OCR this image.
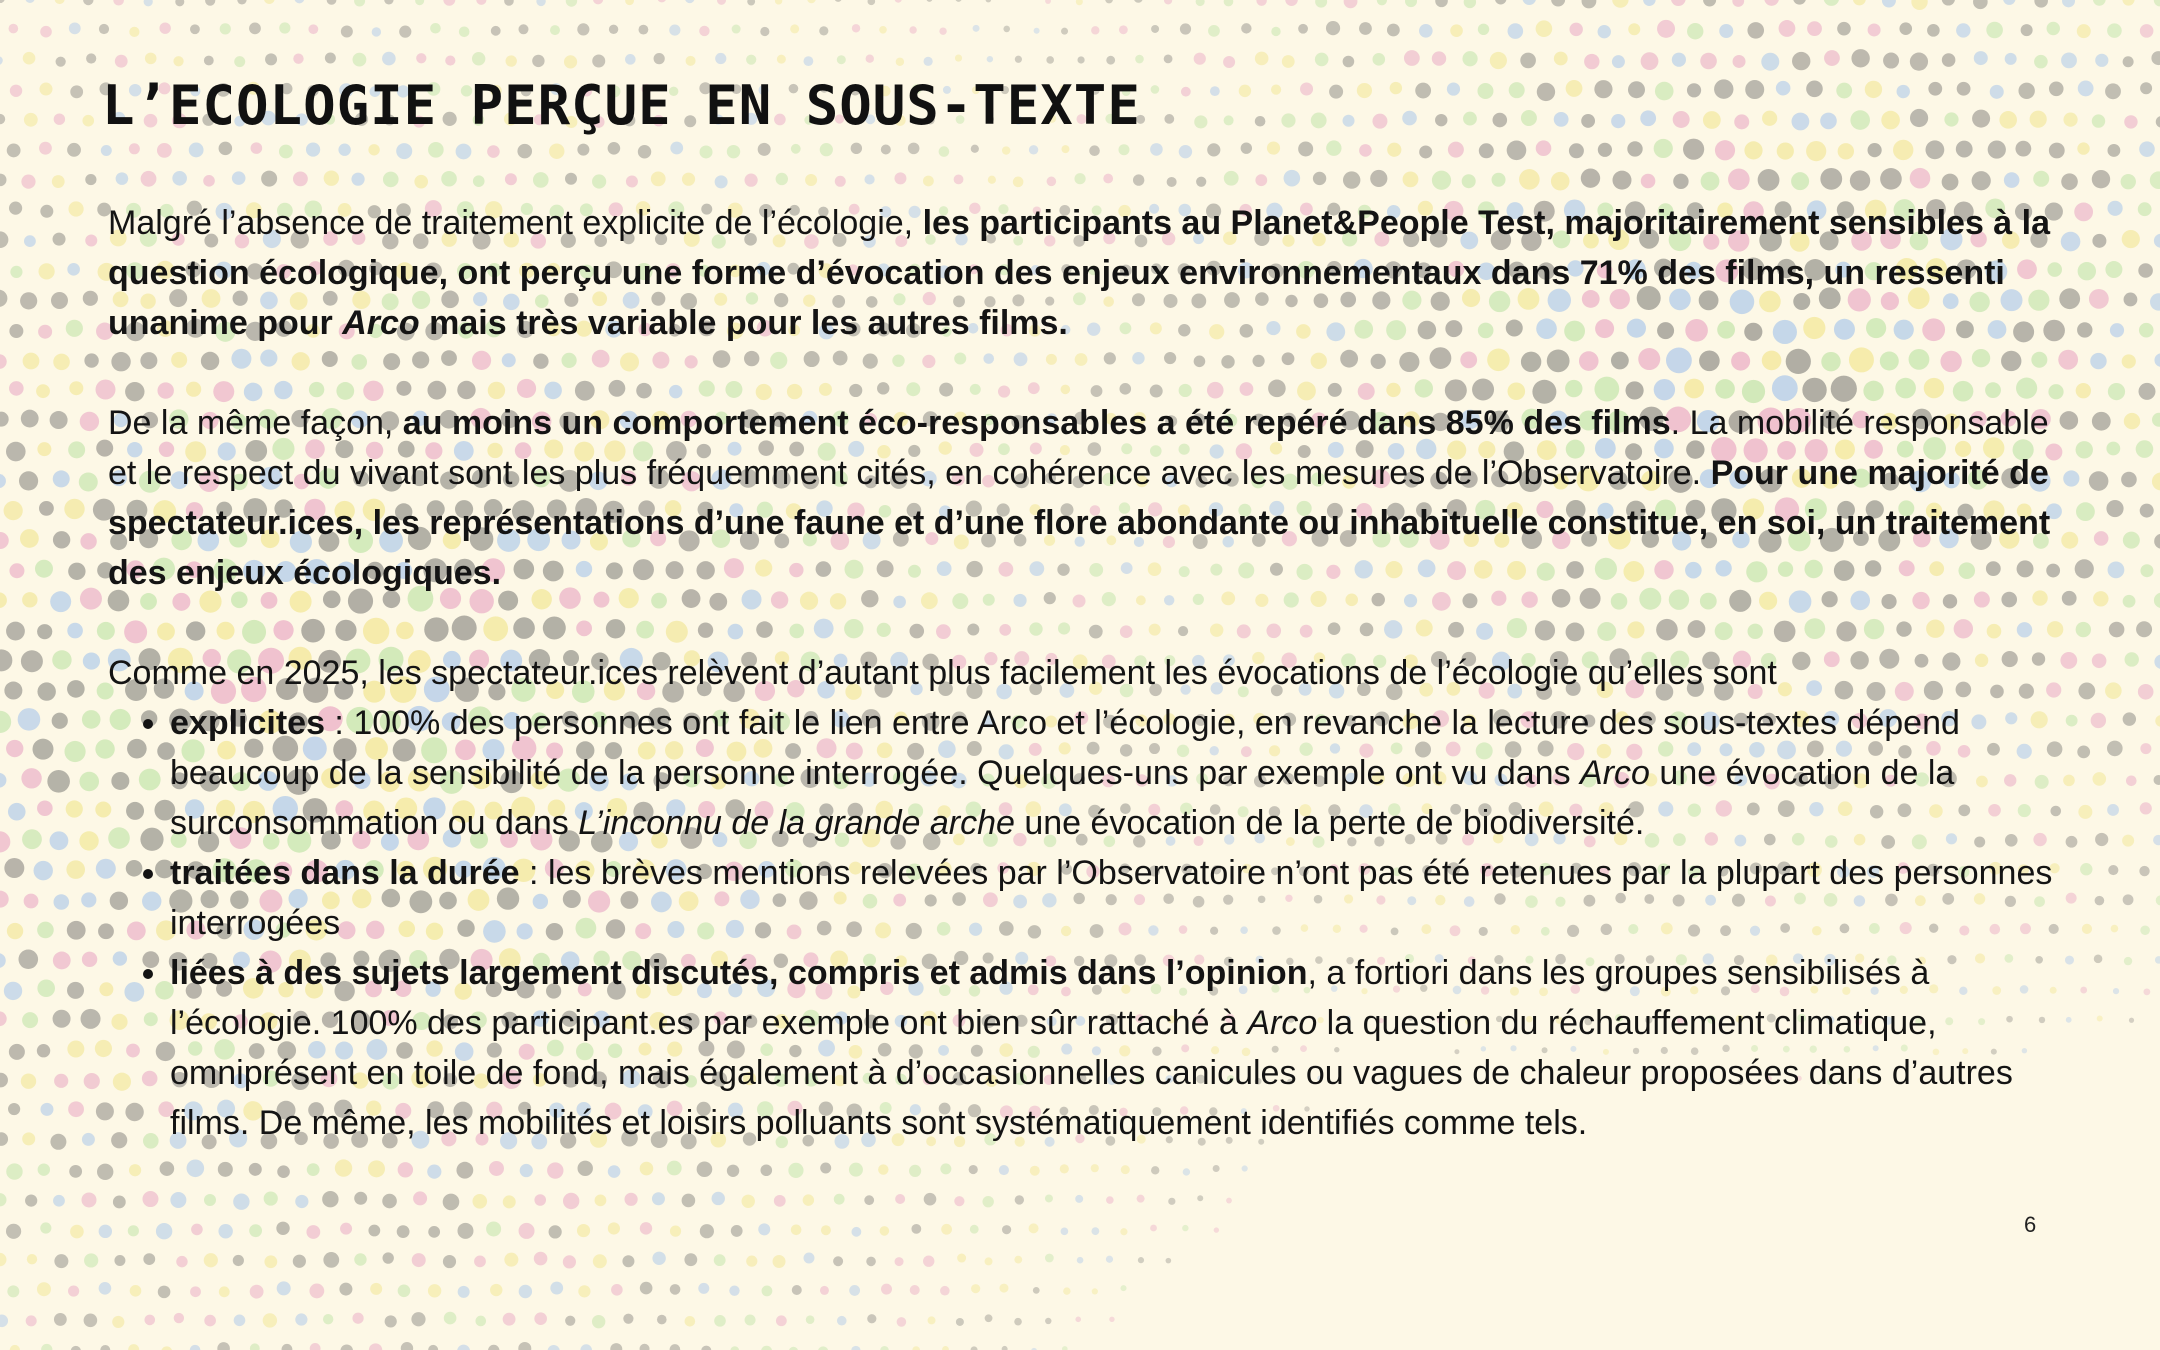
L’ECOLOGIE PERÇUE EN SOUS-TEXTE

Malgré l’absence de traitement explicite de l’écologie, les participants au Planet&People Test, majoritairement sensibles à la question écologique, ont perçu une forme d’évocation des enjeux environnementaux dans 71% des films, un ressenti unanime pour Arco mais très variable pour les autres films.

De la même façon, au moins un comportement éco-responsables a été repéré dans 85% des films. La mobilité responsable et le respect du vivant sont les plus fréquemment cités, en cohérence avec les mesures de l’Observatoire. Pour une majorité de spectateur.ices, les représentations d’une faune et d’une flore abondante ou inhabituelle constitue, en soi, un traitement des enjeux écologiques.

Comme en 2025, les spectateur.ices relèvent d’autant plus facilement les évocations de l’écologie qu’elles sont

• explicites : 100% des personnes ont fait le lien entre Arco et l’écologie, en revanche la lecture des sous-textes dépend beaucoup de la sensibilité de la personne interrogée. Quelques-uns par exemple ont vu dans Arco une évocation de la surconsommation ou dans L’inconnu de la grande arche une évocation de la perte de biodiversité.
• traitées dans la durée : les brèves mentions relevées par l’Observatoire n’ont pas été retenues par la plupart des personnes interrogées
• liées à des sujets largement discutés, compris et admis dans l’opinion, a fortiori dans les groupes sensibilisés à l’écologie. 100% des participant.es par exemple ont bien sûr rattaché à Arco la question du réchauffement climatique, omniprésent en toile de fond, mais également à d’occasionnelles canicules ou vagues de chaleur proposées dans d’autres films. De même, les mobilités et loisirs polluants sont systématiquement identifiés comme tels.
6
